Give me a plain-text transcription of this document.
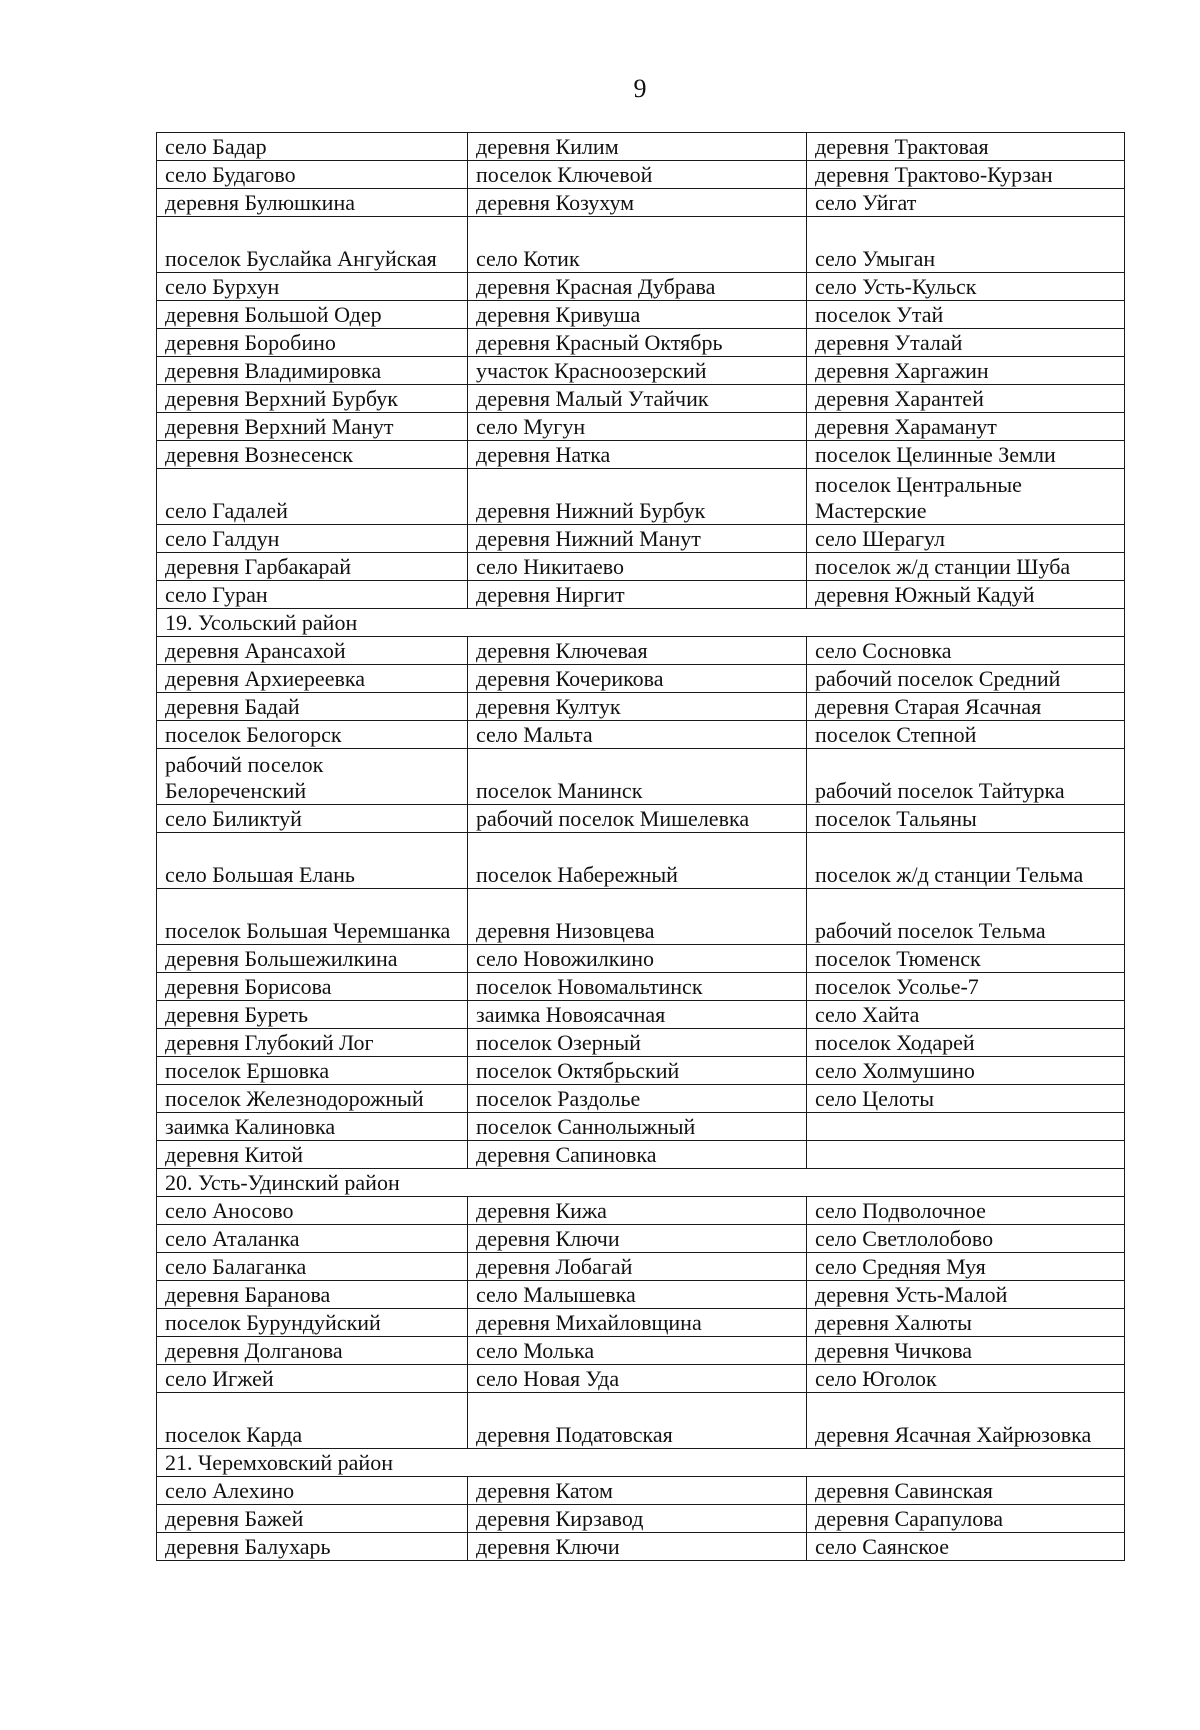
9
село Бадар	деревня Килим	деревня Трактовая
село Будагово	поселок Ключевой	деревня Трактово-Курзан
деревня Булюшкина	деревня Козухум	село Уйгат
поселок Буслайка Ангуйская	село Котик	село Умыган
село Бурхун	деревня Красная Дубрава	село Усть-Кульск
деревня Большой Одер	деревня Кривуша	поселок Утай
деревня Боробино	деревня Красный Октябрь	деревня Уталай
деревня Владимировка	участок Красноозерский	деревня Харгажин
деревня Верхний Бурбук	деревня Малый Утайчик	деревня Харантей
деревня Верхний Манут	село Мугун	деревня Хараманут
деревня Вознесенск	деревня Натка	поселок Целинные Земли
село Гадалей	деревня Нижний Бурбук	поселок Центральные Мастерские
село Галдун	деревня Нижний Манут	село Шерагул
деревня Гарбакарай	село Никитаево	поселок ж/д станции Шуба
село Гуран	деревня Ниргит	деревня Южный Кадуй
19. Усольский район		
деревня Арансахой	деревня Ключевая	село Сосновка
деревня Архиереевка	деревня Кочерикова	рабочий поселок Средний
деревня Бадай	деревня Култук	деревня Старая Ясачная
поселок Белогорск	село Мальта	поселок Степной
рабочий поселок Белореченский	поселок Манинск	рабочий поселок Тайтурка
село Биликтуй	рабочий поселок Мишелевка	поселок Тальяны
село Большая Елань	поселок Набережный	поселок ж/д станции Тельма
поселок Большая Черемшанка	деревня Низовцева	рабочий поселок Тельма
деревня Большежилкина	село Новожилкино	поселок Тюменск
деревня Борисова	поселок Новомальтинск	поселок Усолье-7
деревня Буреть	заимка Новоясачная	село Хайта
деревня Глубокий Лог	поселок Озерный	поселок Ходарей
поселок Ершовка	поселок Октябрьский	село Холмушино
поселок Железнодорожный	поселок Раздолье	село Целоты
заимка Калиновка	поселок Саннолыжный	
деревня Китой	деревня Сапиновка	
20. Усть-Удинский район		
село Аносово	деревня Кижа	село Подволочное
село Аталанка	деревня Ключи	село Светлолобово
село Балаганка	деревня Лобагай	село Средняя Муя
деревня Баранова	село Малышевка	деревня Усть-Малой
поселок Бурундуйский	деревня Михайловщина	деревня Халюты
деревня Долганова	село Молька	деревня Чичкова
село Игжей	село Новая Уда	село Юголок
поселок Карда	деревня Податовская	деревня Ясачная Хайрюзовка
21. Черемховский район		
село Алехино	деревня Катом	деревня Савинская
деревня Бажей	деревня Кирзавод	деревня Сарапулова
деревня Балухарь	деревня Ключи	село Саянское
